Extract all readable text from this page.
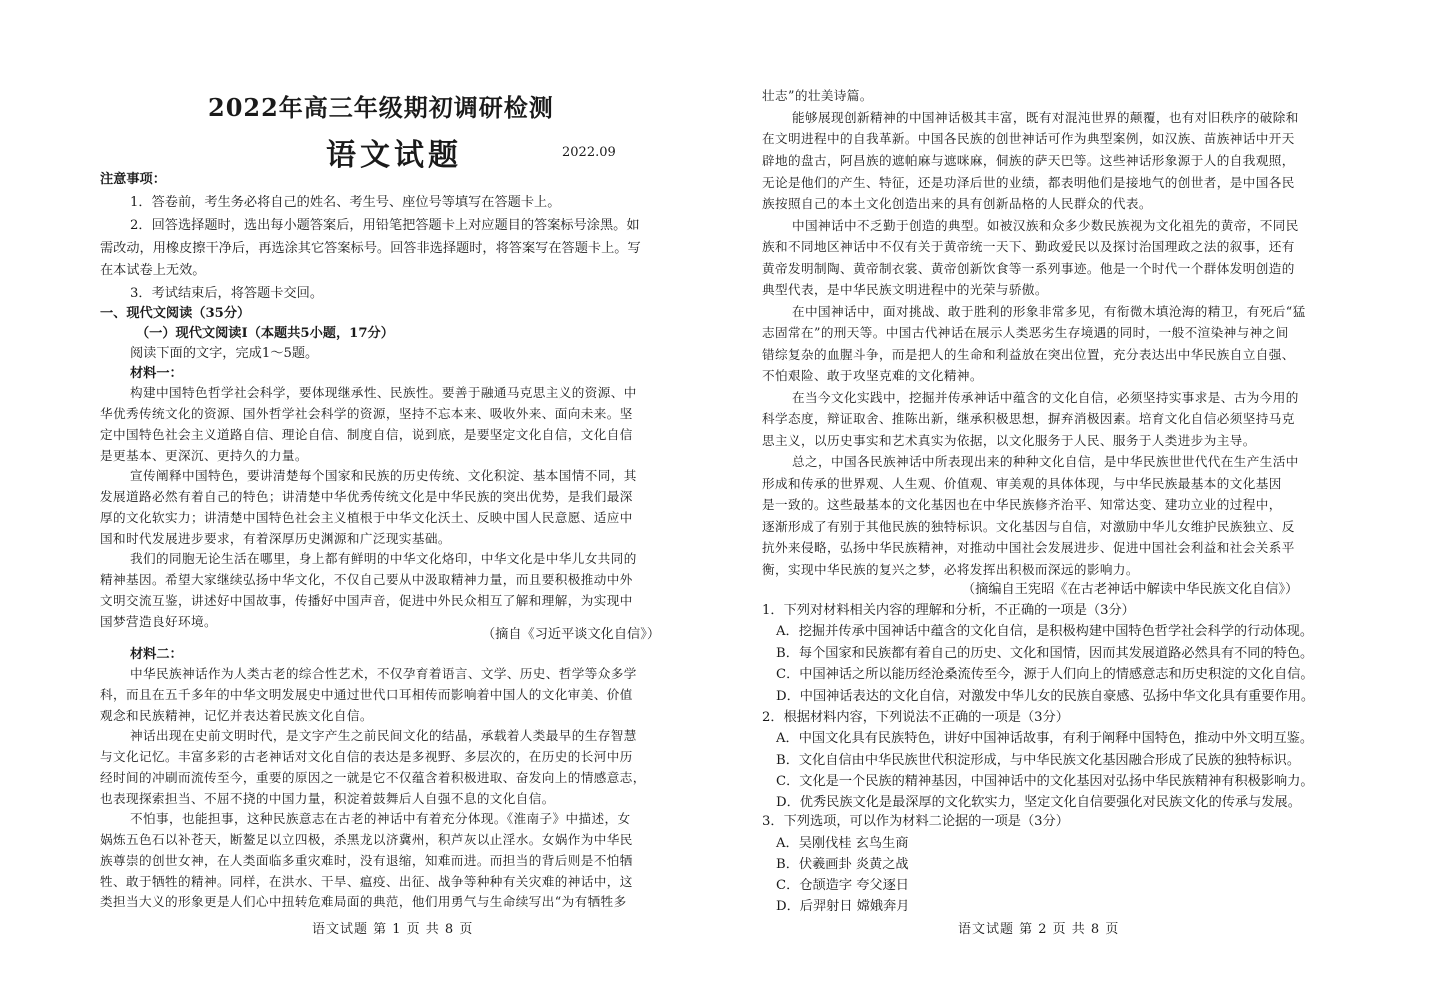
2022年高三年级期初调研检测
语文试题	2022.09
注意事项：
1．答卷前，考生务必将自己的姓名、考生号、座位号等填写在答题卡上。
2．回答选择题时，选出每小题答案后，用铅笔把答题卡上对应题目的答案标号涂黑。如
需改动，用橡皮擦干净后，再选涂其它答案标号。回答非选择题时，将答案写在答题卡上。写
在本试卷上无效。
3．考试结束后，将答题卡交回。
一、现代文阅读（35分）
（一）现代文阅读Ⅰ（本题共5小题，17分）
阅读下面的文字，完成1～5题。
材料一：
构建中国特色哲学社会科学，要体现继承性、民族性。要善于融通马克思主义的资源、中
华优秀传统文化的资源、国外哲学社会科学的资源，坚持不忘本来、吸收外来、面向未来。坚
定中国特色社会主义道路自信、理论自信、制度自信，说到底，是要坚定文化自信，文化自信
是更基本、更深沉、更持久的力量。
宣传阐释中国特色，要讲清楚每个国家和民族的历史传统、文化积淀、基本国情不同，其
发展道路必然有着自己的特色；讲清楚中华优秀传统文化是中华民族的突出优势，是我们最深
厚的文化软实力；讲清楚中国特色社会主义植根于中华文化沃土、反映中国人民意愿、适应中
国和时代发展进步要求，有着深厚历史渊源和广泛现实基础。
我们的同胞无论生活在哪里，身上都有鲜明的中华文化烙印，中华文化是中华儿女共同的
精神基因。希望大家继续弘扬中华文化，不仅自己要从中汲取精神力量，而且要积极推动中外
文明交流互鉴，讲述好中国故事，传播好中国声音，促进中外民众相互了解和理解，为实现中
国梦营造良好环境。
（摘自《习近平谈文化自信》）
材料二：
中华民族神话作为人类古老的综合性艺术，不仅孕育着语言、文学、历史、哲学等众多学
科，而且在五千多年的中华文明发展史中通过世代口耳相传而影响着中国人的文化审美、价值
观念和民族精神，记忆并表达着民族文化自信。
神话出现在史前文明时代，是文字产生之前民间文化的结晶，承载着人类最早的生存智慧
与文化记忆。丰富多彩的古老神话对文化自信的表达是多视野、多层次的，在历史的长河中历
经时间的冲刷而流传至今，重要的原因之一就是它不仅蕴含着积极进取、奋发向上的情感意志，
也表现探索担当、不屈不挠的中国力量，积淀着鼓舞后人自强不息的文化自信。
不怕事，也能担事，这种民族意志在古老的神话中有着充分体现。《淮南子》中描述，女
娲炼五色石以补苍天，断鳌足以立四极，杀黑龙以济冀州，积芦灰以止淫水。女娲作为中华民
族尊崇的创世女神，在人类面临多重灾难时，没有退缩，知难而进。而担当的背后则是不怕牺
牲、敢于牺牲的精神。同样，在洪水、干旱、瘟疫、出征、战争等种种有关灾难的神话中，这
类担当大义的形象更是人们心中扭转危难局面的典范，他们用勇气与生命续写出“为有牺牲多
语文试题 第 1 页 共 8 页
壮志”的壮美诗篇。
能够展现创新精神的中国神话极其丰富，既有对混沌世界的颠覆，也有对旧秩序的破除和
在文明进程中的自我革新。中国各民族的创世神话可作为典型案例，如汉族、苗族神话中开天
辟地的盘古，阿昌族的遮帕麻与遮咪麻，侗族的萨天巴等。这些神话形象源于人的自我观照，
无论是他们的产生、特征，还是功泽后世的业绩，都表明他们是接地气的创世者，是中国各民
族按照自己的本土文化创造出来的具有创新品格的人民群众的代表。
中国神话中不乏勤于创造的典型。如被汉族和众多少数民族视为文化祖先的黄帝，不同民
族和不同地区神话中不仅有关于黄帝统一天下、勤政爱民以及探讨治国理政之法的叙事，还有
黄帝发明制陶、黄帝制衣裳、黄帝创新饮食等一系列事迹。他是一个时代一个群体发明创造的
典型代表，是中华民族文明进程中的光荣与骄傲。
在中国神话中，面对挑战、敢于胜利的形象非常多见，有衔微木填沧海的精卫，有死后“猛
志固常在”的刑天等。中国古代神话在展示人类恶劣生存境遇的同时，一般不渲染神与神之间
错综复杂的血腥斗争，而是把人的生命和利益放在突出位置，充分表达出中华民族自立自强、
不怕艰险、敢于攻坚克难的文化精神。
在当今文化实践中，挖掘并传承神话中蕴含的文化自信，必须坚持实事求是、古为今用的
科学态度，辩证取舍、推陈出新，继承积极思想，摒弃消极因素。培育文化自信必须坚持马克
思主义，以历史事实和艺术真实为依据，以文化服务于人民、服务于人类进步为主导。
总之，中国各民族神话中所表现出来的种种文化自信，是中华民族世世代代在生产生活中
形成和传承的世界观、人生观、价值观、审美观的具体体现，与中华民族最基本的文化基因
是一致的。这些最基本的文化基因也在中华民族修齐治平、知常达变、建功立业的过程中，
逐渐形成了有别于其他民族的独特标识。文化基因与自信，对激励中华儿女维护民族独立、反
抗外来侵略，弘扬中华民族精神，对推动中国社会发展进步、促进中国社会利益和社会关系平
衡，实现中华民族的复兴之梦，必将发挥出积极而深远的影响力。
（摘编自王宪昭《在古老神话中解读中华民族文化自信》）
1．下列对材料相关内容的理解和分析，不正确的一项是（3分）
A．挖掘并传承中国神话中蕴含的文化自信，是积极构建中国特色哲学社会科学的行动体现。
B．每个国家和民族都有着自己的历史、文化和国情，因而其发展道路必然具有不同的特色。
C．中国神话之所以能历经沧桑流传至今，源于人们向上的情感意志和历史积淀的文化自信。
D．中国神话表达的文化自信，对激发中华儿女的民族自豪感、弘扬中华文化具有重要作用。
2．根据材料内容，下列说法不正确的一项是（3分）
A．中国文化具有民族特色，讲好中国神话故事，有利于阐释中国特色，推动中外文明互鉴。
B．文化自信由中华民族世代积淀形成，与中华民族文化基因融合形成了民族的独特标识。
C．文化是一个民族的精神基因，中国神话中的文化基因对弘扬中华民族精神有积极影响力。
D．优秀民族文化是最深厚的文化软实力，坚定文化自信要强化对民族文化的传承与发展。
3．下列选项，可以作为材料二论据的一项是（3分）
A．吴刚伐桂 玄鸟生商
B．伏羲画卦 炎黄之战
C．仓颉造字 夸父逐日
D．后羿射日 嫦娥奔月
语文试题 第 2 页 共 8 页
